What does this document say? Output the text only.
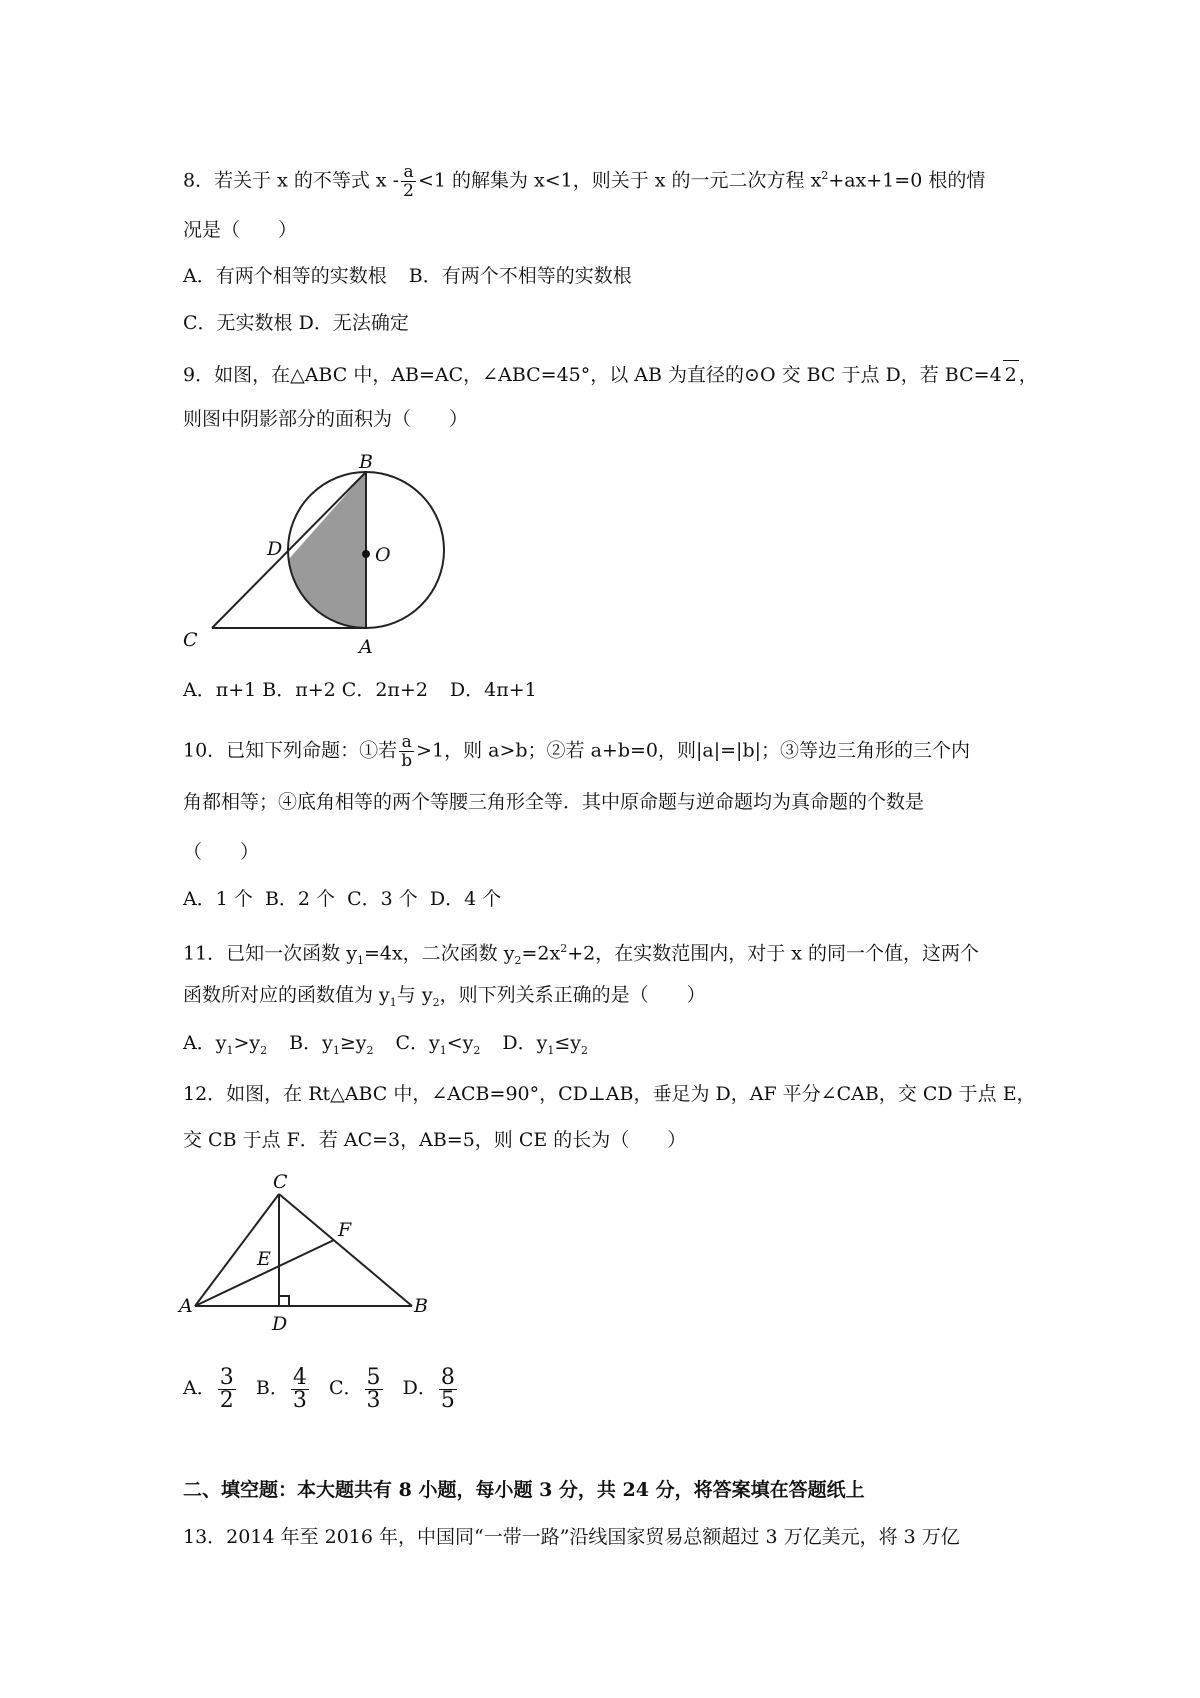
8．若关于 x 的不等式 $x - \frac{a}{2} <1$ 的解集为 x<1，则关于 x 的一元二次方程 $x^2+ax+1=0$ 根的情
况是（　　）
A．有两个相等的实数根 B．有两个不相等的实数根
C．无实数根 D．无法确定
9．如图，在△ABC 中，AB=AC，∠ABC=45°，以 AB 为直径的⊙O 交 BC 于点 D，若 BC=4 2 ，
则图中阴影部分的面积为（　　）
B
D	O
C	A
A．π+1 B．π+2 C．2π+2 D．4π+1
10．已知下列命题：①若 $\frac{a}{b} >1$，则 a>b；②若 a+b=0，则|a|=|b|；③等边三角形的三个内
角都相等；④底角相等的两个等腰三角形全等．其中原命题与逆命题均为真命题的个数是
（　　）
A．1 个 B．2 个 C．3 个 D．4 个
11．已知一次函数 $y_1=4x$，二次函数 $y_2=2x^2+2$，在实数范围内，对于 x 的同一个值，这两个
函数所对应的函数值为 $y_1$与 $y_2$，则下列关系正确的是（　　）
A．$y_1>y_2$ B．$y_1\ge y_2$ C．$y_1<y_2$ D．$y_1\le y_2$
12．如图，在 Rt△ABC 中，∠ACB=90°，CD⊥AB，垂足为 D，AF 平分∠CAB，交 CD 于点 E，
交 CB 于点 F．若 AC=3，AB=5，则 CE 的长为（　　）
C
F
E
A
D
B
A． $\frac{3}{2}$ B． $\frac{4}{3}$ C． $\frac{5}{3}$ D． $\frac{8}{5}$
二、填空题：本大题共有 8 小题，每小题 3 分，共 24 分，将答案填在答题纸上
13．2014 年至 2016 年，中国同“一带一路”沿线国家贸易总额超过 3 万亿美元，将 3 万亿
